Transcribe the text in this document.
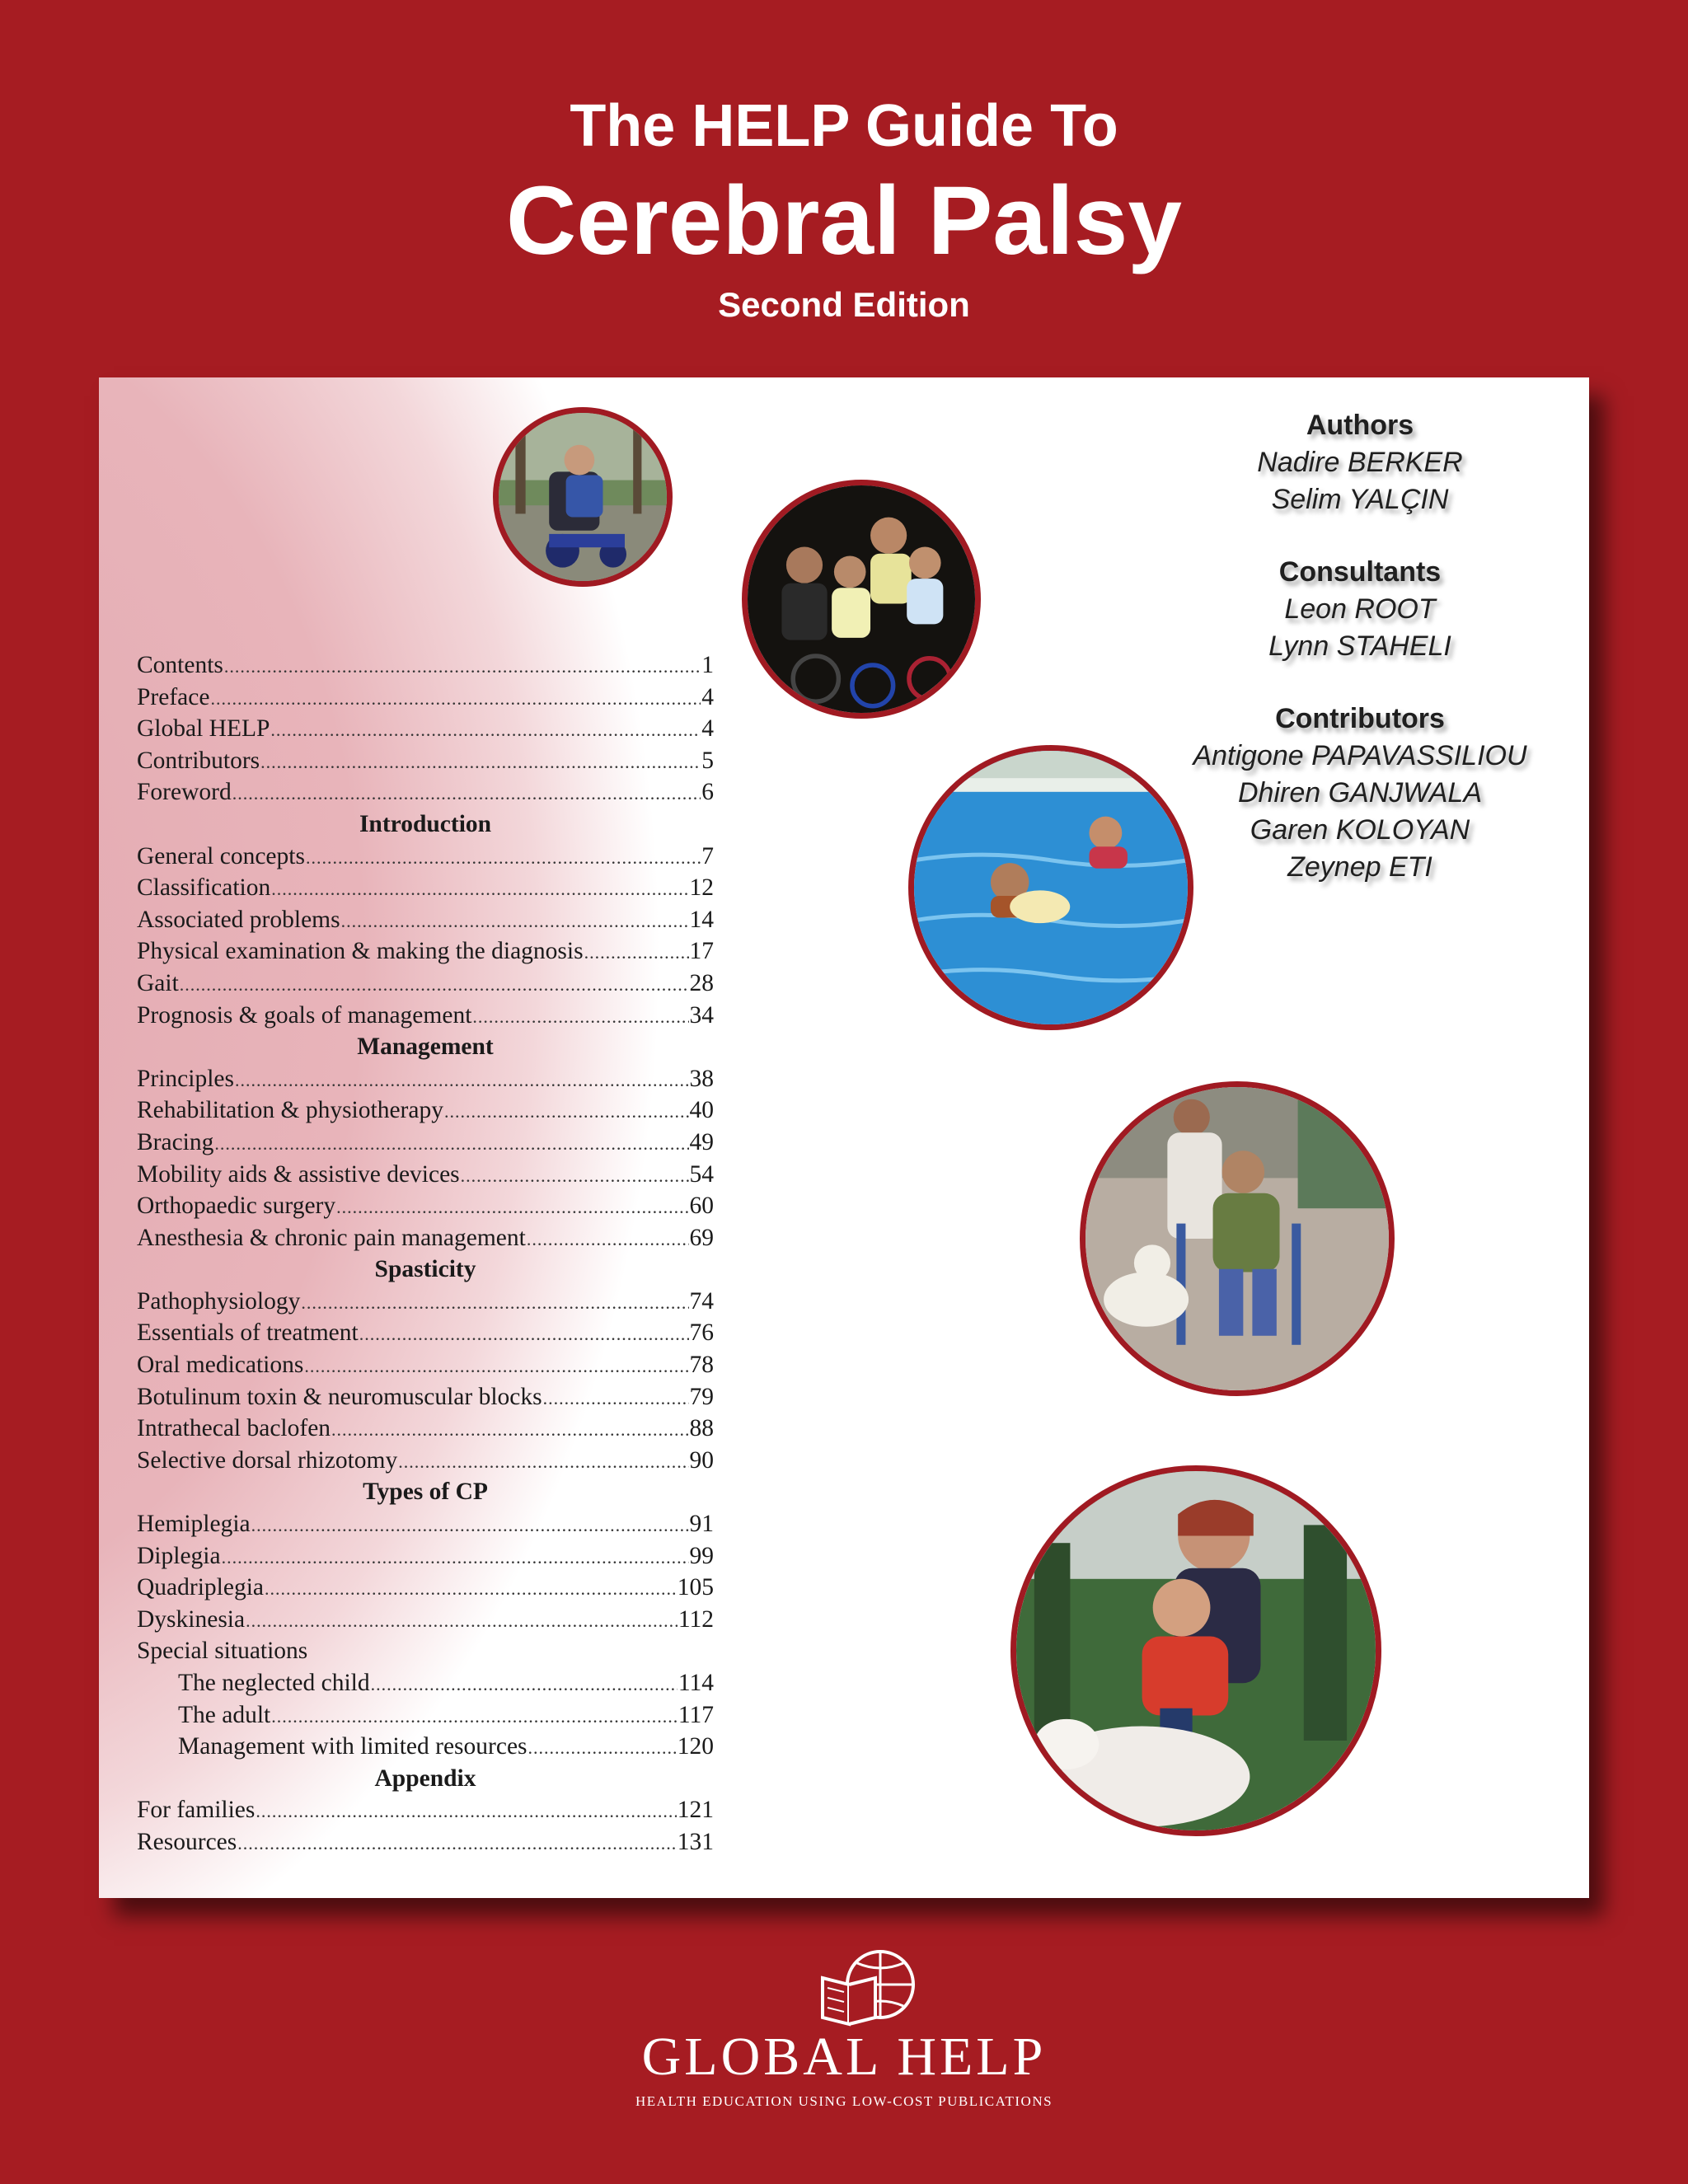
The HELP Guide To
Cerebral Palsy
Second Edition
Contents .....	1
Preface .....	4
Global HELP .....	4
Contributors .....	5
Foreword .....	6
Introduction
General concepts .....	7
Classification .....	12
Associated problems .....	14
Physical examination & making the diagnosis .....	17
Gait .....	28
Prognosis & goals of management .....	34
Management
Principles .....	38
Rehabilitation & physiotherapy .....	40
Bracing .....	49
Mobility aids & assistive devices .....	54
Orthopaedic surgery .....	60
Anesthesia & chronic pain management .....	69
Spasticity
Pathophysiology .....	74
Essentials of treatment .....	76
Oral medications .....	78
Botulinum toxin & neuromuscular blocks .....	79
Intrathecal baclofen .....	88
Selective dorsal rhizotomy .....	90
Types of CP
Hemiplegia .....	91
Diplegia .....	99
Quadriplegia .....	105
Dyskinesia .....	112
Special situations
The neglected child .....	114
The adult .....	117
Management with limited resources .....	120
Appendix
For families .....	121
Resources .....	131
Authors
Nadire BERKER
Selim YALÇIN
Consultants
Leon ROOT
Lynn STAHELI
Contributors
Antigone PAPAVASSILIOU
Dhiren GANJWALA
Garen KOLOYAN
Zeynep ETI
GLOBAL HELP
HEALTH EDUCATION USING LOW-COST PUBLICATIONS
